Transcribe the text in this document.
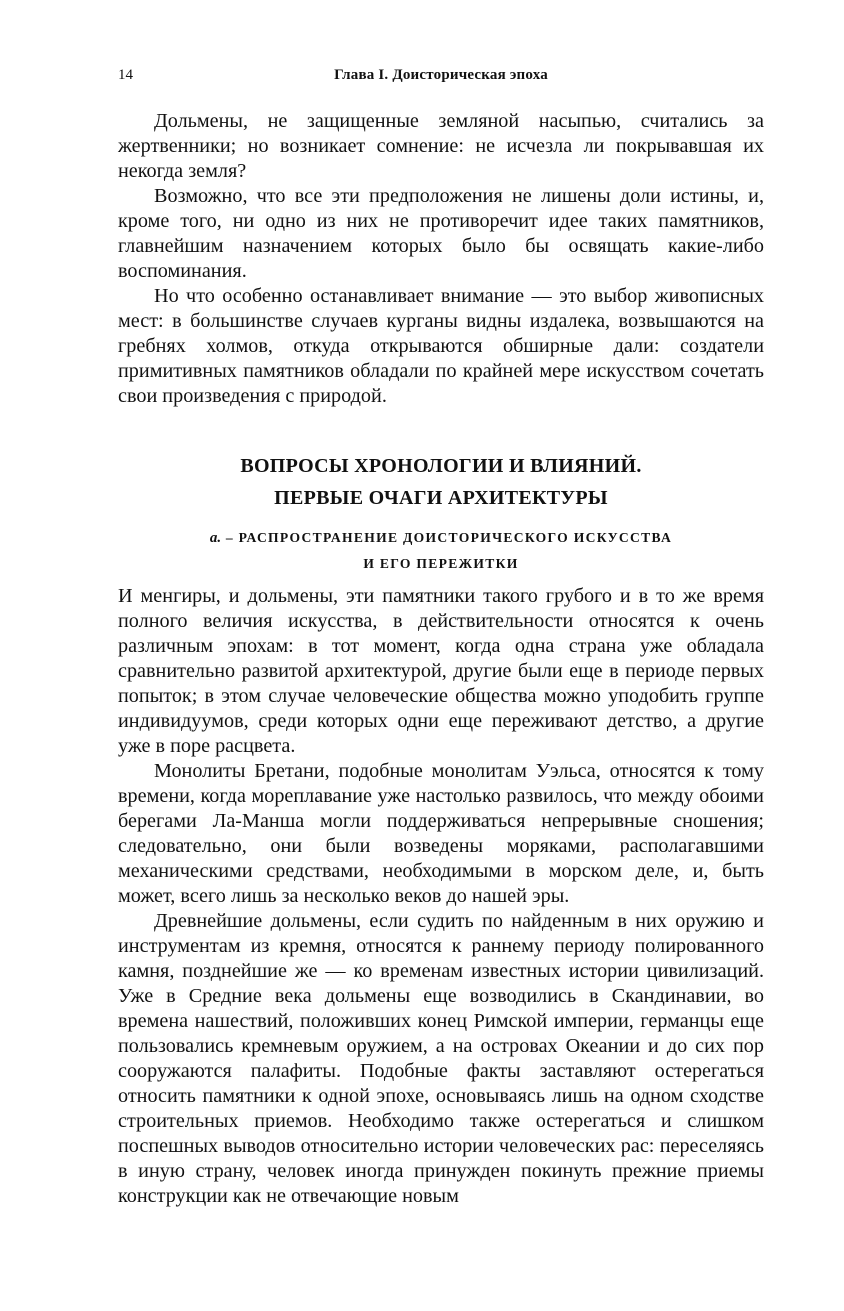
14	Глава I. Доисторическая эпоха

Дольмены, не защищенные земляной насыпью, считались за жертвенники; но возникает сомнение: не исчезла ли покрывавшая их некогда земля?

Возможно, что все эти предположения не лишены доли истины, и, кроме того, ни одно из них не противоречит идее таких памятников, главнейшим назначением которых было бы освящать какие-либо воспоминания.

Но что особенно останавливает внимание — это выбор живописных мест: в большинстве случаев курганы видны издалека, возвышаются на гребнях холмов, откуда открываются обширные дали: создатели примитивных памятников обладали по крайней мере искусством сочетать свои произведения с природой.

ВОПРОСЫ ХРОНОЛОГИИ И ВЛИЯНИЙ.
ПЕРВЫЕ ОЧАГИ АРХИТЕКТУРЫ
а. – РАСПРОСТРАНЕНИЕ ДОИСТОРИЧЕСКОГО ИСКУССТВА
И ЕГО ПЕРЕЖИТКИ

И менгиры, и дольмены, эти памятники такого грубого и в то же время полного величия искусства, в действительности относятся к очень различным эпохам: в тот момент, когда одна страна уже обладала сравнительно развитой архитектурой, другие были еще в периоде первых попыток; в этом случае человеческие общества можно уподобить группе индивидуумов, среди которых одни еще переживают детство, а другие уже в поре расцвета.

Монолиты Бретани, подобные монолитам Уэльса, относятся к тому времени, когда мореплавание уже настолько развилось, что между обоими берегами Ла-Манша могли поддерживаться непрерывные сношения; следовательно, они были возведены моряками, располагавшими механическими средствами, необходимыми в морском деле, и, быть может, всего лишь за несколько веков до нашей эры.

Древнейшие дольмены, если судить по найденным в них оружию и инструментам из кремня, относятся к раннему периоду полированного камня, позднейшие же — ко временам известных истории цивилизаций. Уже в Средние века дольмены еще возводились в Скандинавии, во времена нашествий, положивших конец Римской империи, германцы еще пользовались кремневым оружием, а на островах Океании и до сих пор сооружаются палафиты. Подобные факты заставляют остерегаться относить памятники к одной эпохе, основываясь лишь на одном сходстве строительных приемов. Необходимо также остерегаться и слишком поспешных выводов относительно истории человеческих рас: переселяясь в иную страну, человек иногда принужден покинуть прежние приемы конструкции как не отвечающие новым
